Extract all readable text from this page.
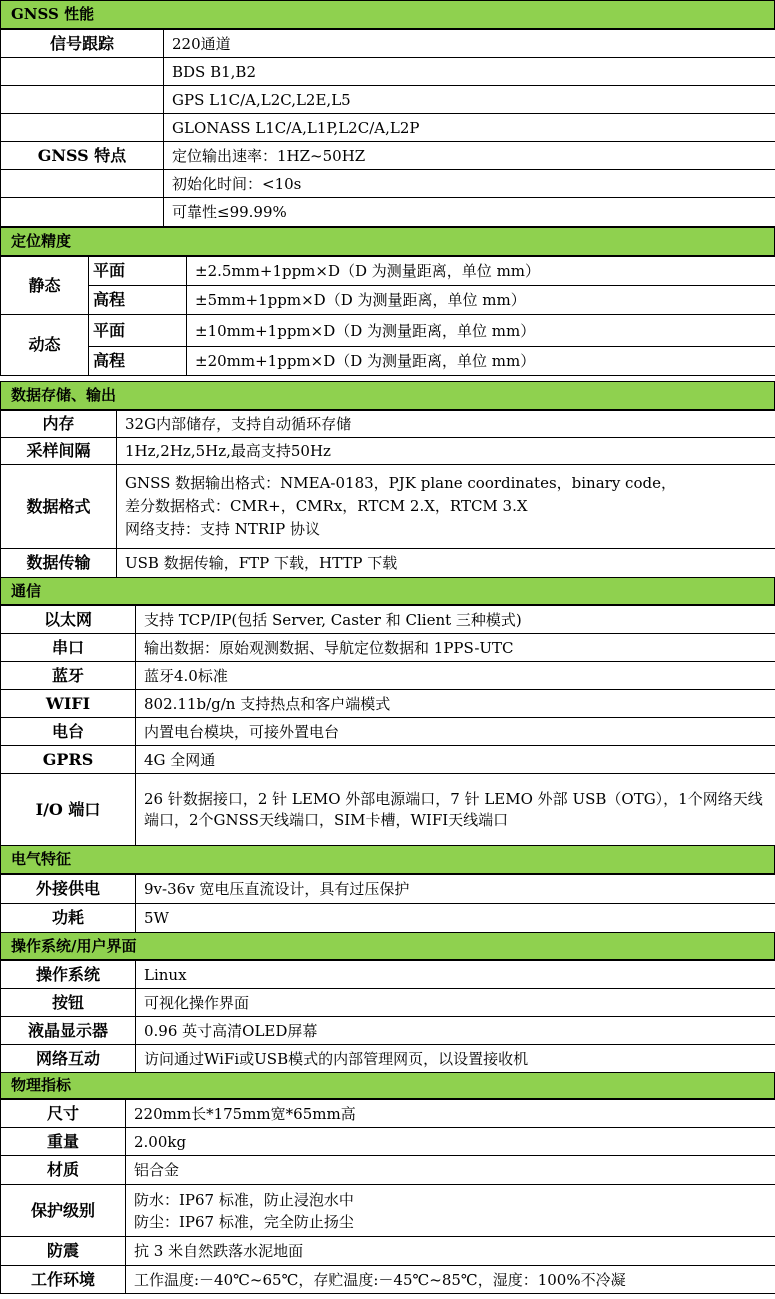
GNSS 性能
信号跟踪	220通道
	BDS B1,B2
	GPS L1C/A,L2C,L2E,L5
	GLONASS L1C/A,L1P,L2C/A,L2P
GNSS 特点	定位输出速率：1HZ~50HZ
	初始化时间：<10s
	可靠性≤99.99%
定位精度
静态	平面	±2.5mm+1ppm×D（D 为测量距离，单位 mm）
	高程	±5mm+1ppm×D（D 为测量距离，单位 mm）
动态	平面	±10mm+1ppm×D（D 为测量距离，单位 mm）
	高程	±20mm+1ppm×D（D 为测量距离，单位 mm）
数据存储、输出
内存	32G内部储存，支持自动循环存储
采样间隔	1Hz,2Hz,5Hz,最高支持50Hz
数据格式	GNSS 数据输出格式：NMEA-0183，PJK plane coordinates，binary code，
差分数据格式：CMR+，CMRx，RTCM 2.X，RTCM 3.X
网络支持：支持 NTRIP 协议

数据传输	USB 数据传输，FTP 下载，HTTP 下载
通信
以太网	支持 TCP/IP(包括 Server, Caster 和 Client 三种模式)
串口	输出数据：原始观测数据、导航定位数据和 1PPS-UTC
蓝牙	蓝牙4.0标准
WIFI	802.11b/g/n 支持热点和客户端模式
电台	内置电台模块，可接外置电台
GPRS	4G 全网通
I/O 端口	26 针数据接口，2 针 LEMO 外部电源端口，7 针 LEMO 外部 USB（OTG），1个网络天线端口，2个GNSS天线端口，SIM卡槽，WIFI天线端口
电气特征
外接供电	9v-36v 宽电压直流设计，具有过压保护
功耗	5W
操作系统/用户界面
操作系统	Linux
按钮	可视化操作界面
液晶显示器	0.96 英寸高清OLED屏幕
网络互动	访问通过WiFi或USB模式的内部管理网页，以设置接收机
物理指标
尺寸	220mm长*175mm宽*65mm高
重量	2.00kg
材质	铝合金
保护级别	防水：IP67 标准，防止浸泡水中
防尘：IP67 标准，完全防止扬尘

防震	抗 3 米自然跌落水泥地面
工作环境	工作温度:－40℃~65℃，存贮温度:－45℃~85℃，湿度：100%不冷凝
